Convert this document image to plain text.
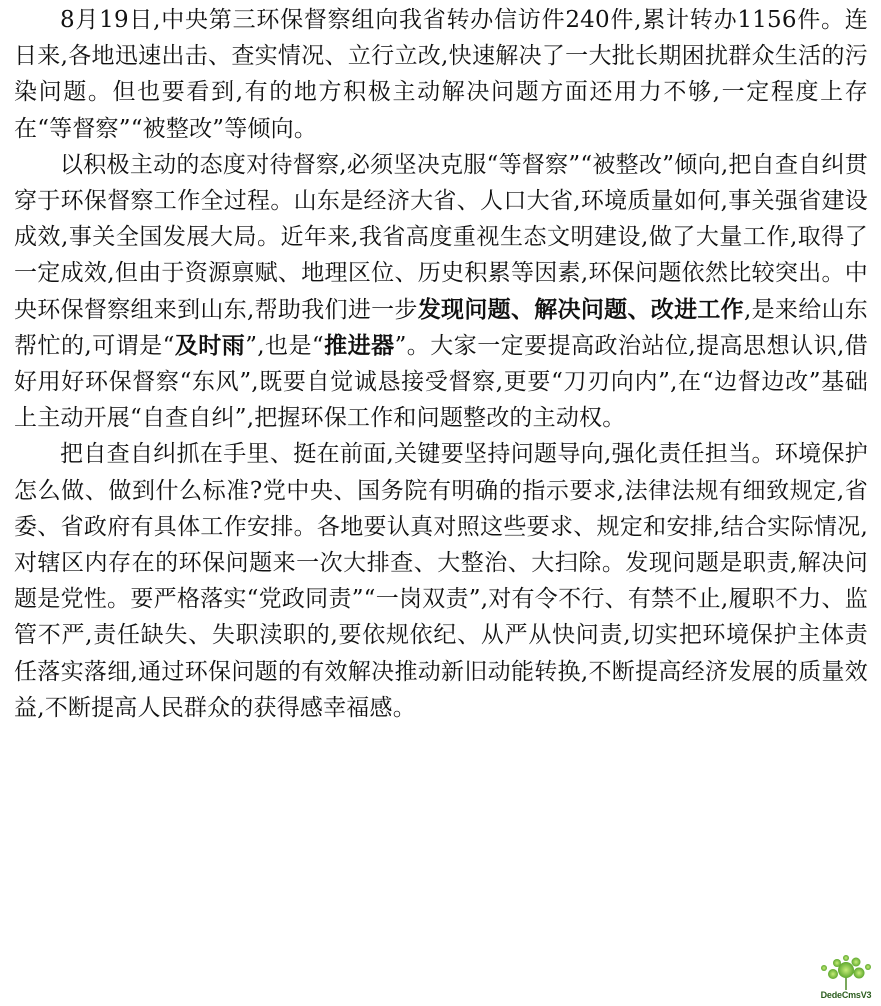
8月19日,中央第三环保督察组向我省转办信访件240件,累计转办1156件。连日来,各地迅速出击、查实情况、立行立改,快速解决了一大批长期困扰群众生活的污染问题。但也要看到,有的地方积极主动解决问题方面还用力不够,一定程度上存在“等督察”“被整改”等倾向。

以积极主动的态度对待督察,必须坚决克服“等督察”“被整改”倾向,把自查自纠贯穿于环保督察工作全过程。山东是经济大省、人口大省,环境质量如何,事关强省建设成效,事关全国发展大局。近年来,我省高度重视生态文明建设,做了大量工作,取得了一定成效,但由于资源禀赋、地理区位、历史积累等因素,环保问题依然比较突出。中央环保督察组来到山东,帮助我们进一步发现问题、解决问题、改进工作,是来给山东帮忙的,可谓是“及时雨”,也是“推进器”。大家一定要提高政治站位,提高思想认识,借好用好环保督察“东风”,既要自觉诚恳接受督察,更要“刀刃向内”,在“边督边改”基础上主动开展“自查自纠”,把握环保工作和问题整改的主动权。

把自查自纠抓在手里、挺在前面,关键要坚持问题导向,强化责任担当。环境保护怎么做、做到什么标准?党中央、国务院有明确的指示要求,法律法规有细致规定,省委、省政府有具体工作安排。各地要认真对照这些要求、规定和安排,结合实际情况,对辖区内存在的环保问题来一次大排查、大整治、大扫除。发现问题是职责,解决问题是党性。要严格落实“党政同责”“一岗双责”,对有令不行、有禁不止,履职不力、监管不严,责任缺失、失职渎职的,要依规依纪、从严从快问责,切实把环境保护主体责任落实落细,通过环保问题的有效解决推动新旧动能转换,不断提高经济发展的质量效益,不断提高人民群众的获得感幸福感。

DedeCmsV3
